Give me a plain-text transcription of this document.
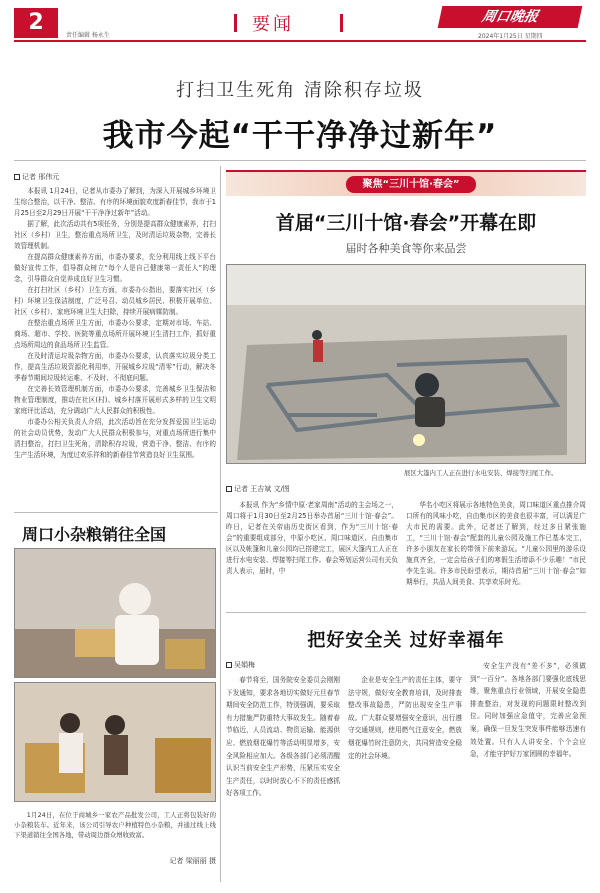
2
责任编辑 杨永生
要闻	周口晚报
2024年1月25日 星期四
打扫卫生死角 清除积存垃圾
我市今起“干干净净过新年”
记者 邢伟元

本报讯 1月24日，记者从市委办了解到，为深入开展城乡环境卫生综合整治，以干净、整洁、有序的环境面貌欢度新春佳节，我市于1月25日至2月29日开展“干干净净过新年”活动。

据了解，此次活动共有5项任务，分别是提高群众健康素养，打扫社区（乡村）卫生，整治重点场所卫生，及时清运垃圾杂物，完善长效管理机制。

在提高群众健康素养方面，市委办要求，充分利用线上线下平台做好宣传工作，倡导群众树立“每个人是自己健康第一责任人”的理念，引导群众自觉养成良好卫生习惯。

在打扫社区（乡村）卫生方面，市委办公指出，要落实社区（乡村）环境卫生保洁制度，广泛号召、动员城乡居民、积极开展单位、社区（乡村）、家庭环境卫生大扫除，持续开展病媒防制。

在整治重点场所卫生方面，市委办公要求，定期对市场、车站、商场、超市、学校、医院等重点场所开展环境卫生清扫工作，抓好重点场所周边的食品场所卫生监管。

在及时清运垃圾杂物方面，市委办公要求，认真落实垃圾分类工作，提高生活垃圾资源化利用率，开展城乡垃圾“清零”行动，解决冬季春节期间垃圾转运难、不及时、不彻底问题。

在完善长效管理机制方面，市委办公要求，完善城乡卫生保洁和物业管理制度，推动在社区(村)、城乡村落开展形式多样的卫生文明家庭评比活动，充分调动广大人民群众的积极性。

市委办公相关负责人介绍，此次活动旨在充分发挥爱国卫生运动的社会动员优势，发动广大人民群众积极参与，对重点场所进行集中清扫整治，打扫卫生死角，清除积存垃圾，营造干净、整洁、有序的生产生活环境，为度过欢乐祥和的新春佳节营造良好卫生氛围。

周口小杂粮销往全国
1月24日，在位于商城乡一家农产品批发公司，工人正将包装好的小杂粮装车。近年来，该公司引导农户种植特色小杂粮，并通过线上线下渠道销往全国各地，带动周边群众增收致富。
记者 梁丽丽 摄
聚焦“三川十馆·春会”
首届“三川十馆·春会”开幕在即
届时各种美食等你来品尝
展区大篷内工人正在进行水电安装、焊接等扫尾工作。
记者 王吉斌 文/图

本报讯 作为“乡情中原·老家周南”活动的主会场之一，周口将于1月30日至2月25日举办首届“三川十馆·春会”。昨日，记者在关帝庙历史街区看到，作为“三川十馆·春会”的重要组成部分，中原小吃区、周口味道区、自由集市区以及帐篷和儿童公园均已搭建完工，展区大篷内工人正在进行水电安装、焊接等扫尾工作。春会筹划运营公司有关负责人表示，届时，中

华名小吃区将展示各地特色美食，周口味道区重点推介周口所有的风味小吃，自由集市区的美食也很丰富，可以满足广大市民的需要。此外，记者还了解到，经过多日紧张施工，“三川十馆·春会”配套的儿童公园及施工作已基本完工，许多小朋友在家长的带领下前来游玩。“儿童公园里的游乐设施真齐全，一定会给孩子们的寒假生活增添不少乐趣！”市民李先生说。许多市民盼望表示，期待首届“三川十馆·春会”如期举行，共品人间美食、共享欢乐时光。

把好安全关 过好幸福年
吴娟梅

春节将至，国务院安全委员会刚刚下发通知，要求各地切实做好元旦春节期间安全防范工作，特别强调，要采取有力措施严防重特大事故发生。随着春节临近，人员流动、物资运输、能源供应、燃放烟花爆竹等活动明显增多，安全风险相应加大。各级各部门必须清醒认识当前安全生产形势，压紧压实安全生产责任，以时时放心不下的责任感抓好各项工作。

企业是安全生产的责任主体，要守法守规，做好安全教育培训，及时排查整改事故隐患，严防出现安全生产事故。广大群众要增强安全意识，出行遵守交通规则，使用燃气注意安全，燃放烟花爆竹时注意防火，共同营造安全稳定的社会环境。

安全生产没有“差不多”，必须做到“一百分”。各地各部门要强化底线思维，聚焦重点行业领域，开展安全隐患排查整治，对发现的问题限时整改到位。同时加强应急值守，完善应急预案，确保一旦发生突发事件能够迅速有效处置。只有人人讲安全、个个会应急，才能守护好万家团圆的幸福年。
